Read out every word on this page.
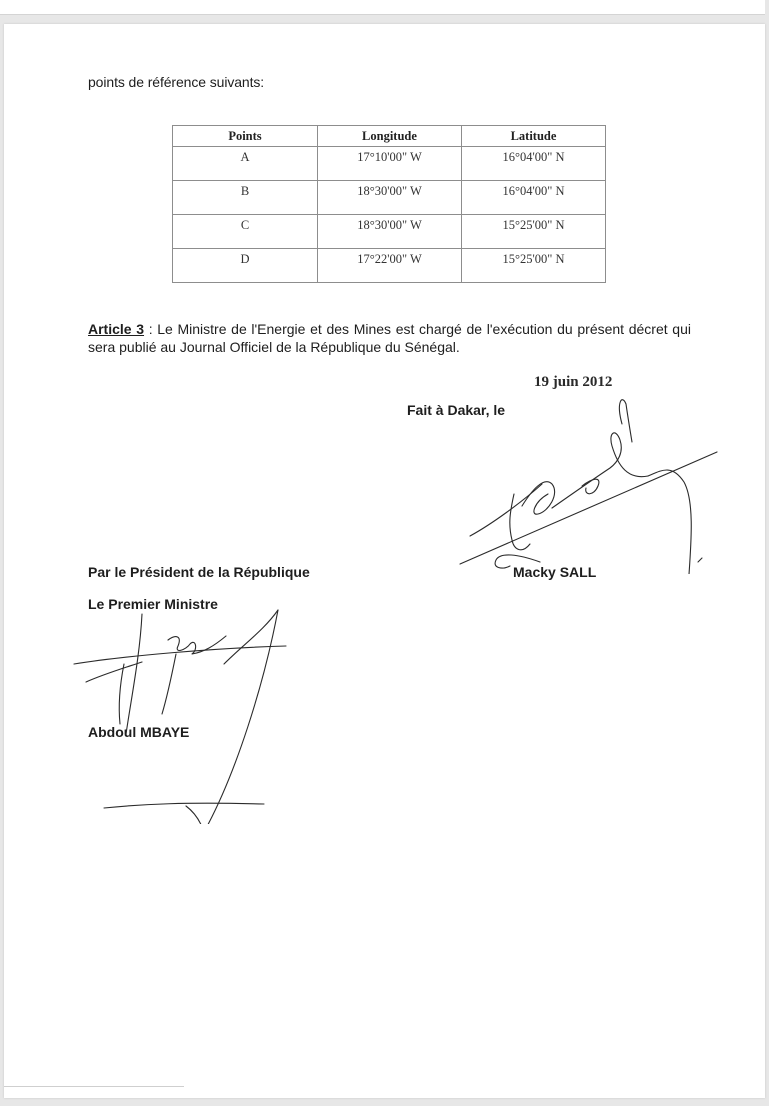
points de référence suivants:
Points	Longitude	Latitude
A	17°10'00" W	16°04'00" N
B	18°30'00" W	16°04'00" N
C	18°30'00" W	15°25'00" N
D	17°22'00" W	15°25'00" N
Article 3 : Le Ministre de l'Energie et des Mines est chargé de l'exécution du présent décret qui sera publié au Journal Officiel de la République du Sénégal.
19 juin 2012
Fait à Dakar, le
Par le Président de la République	Macky SALL
Le Premier Ministre
Abdoul MBAYE
